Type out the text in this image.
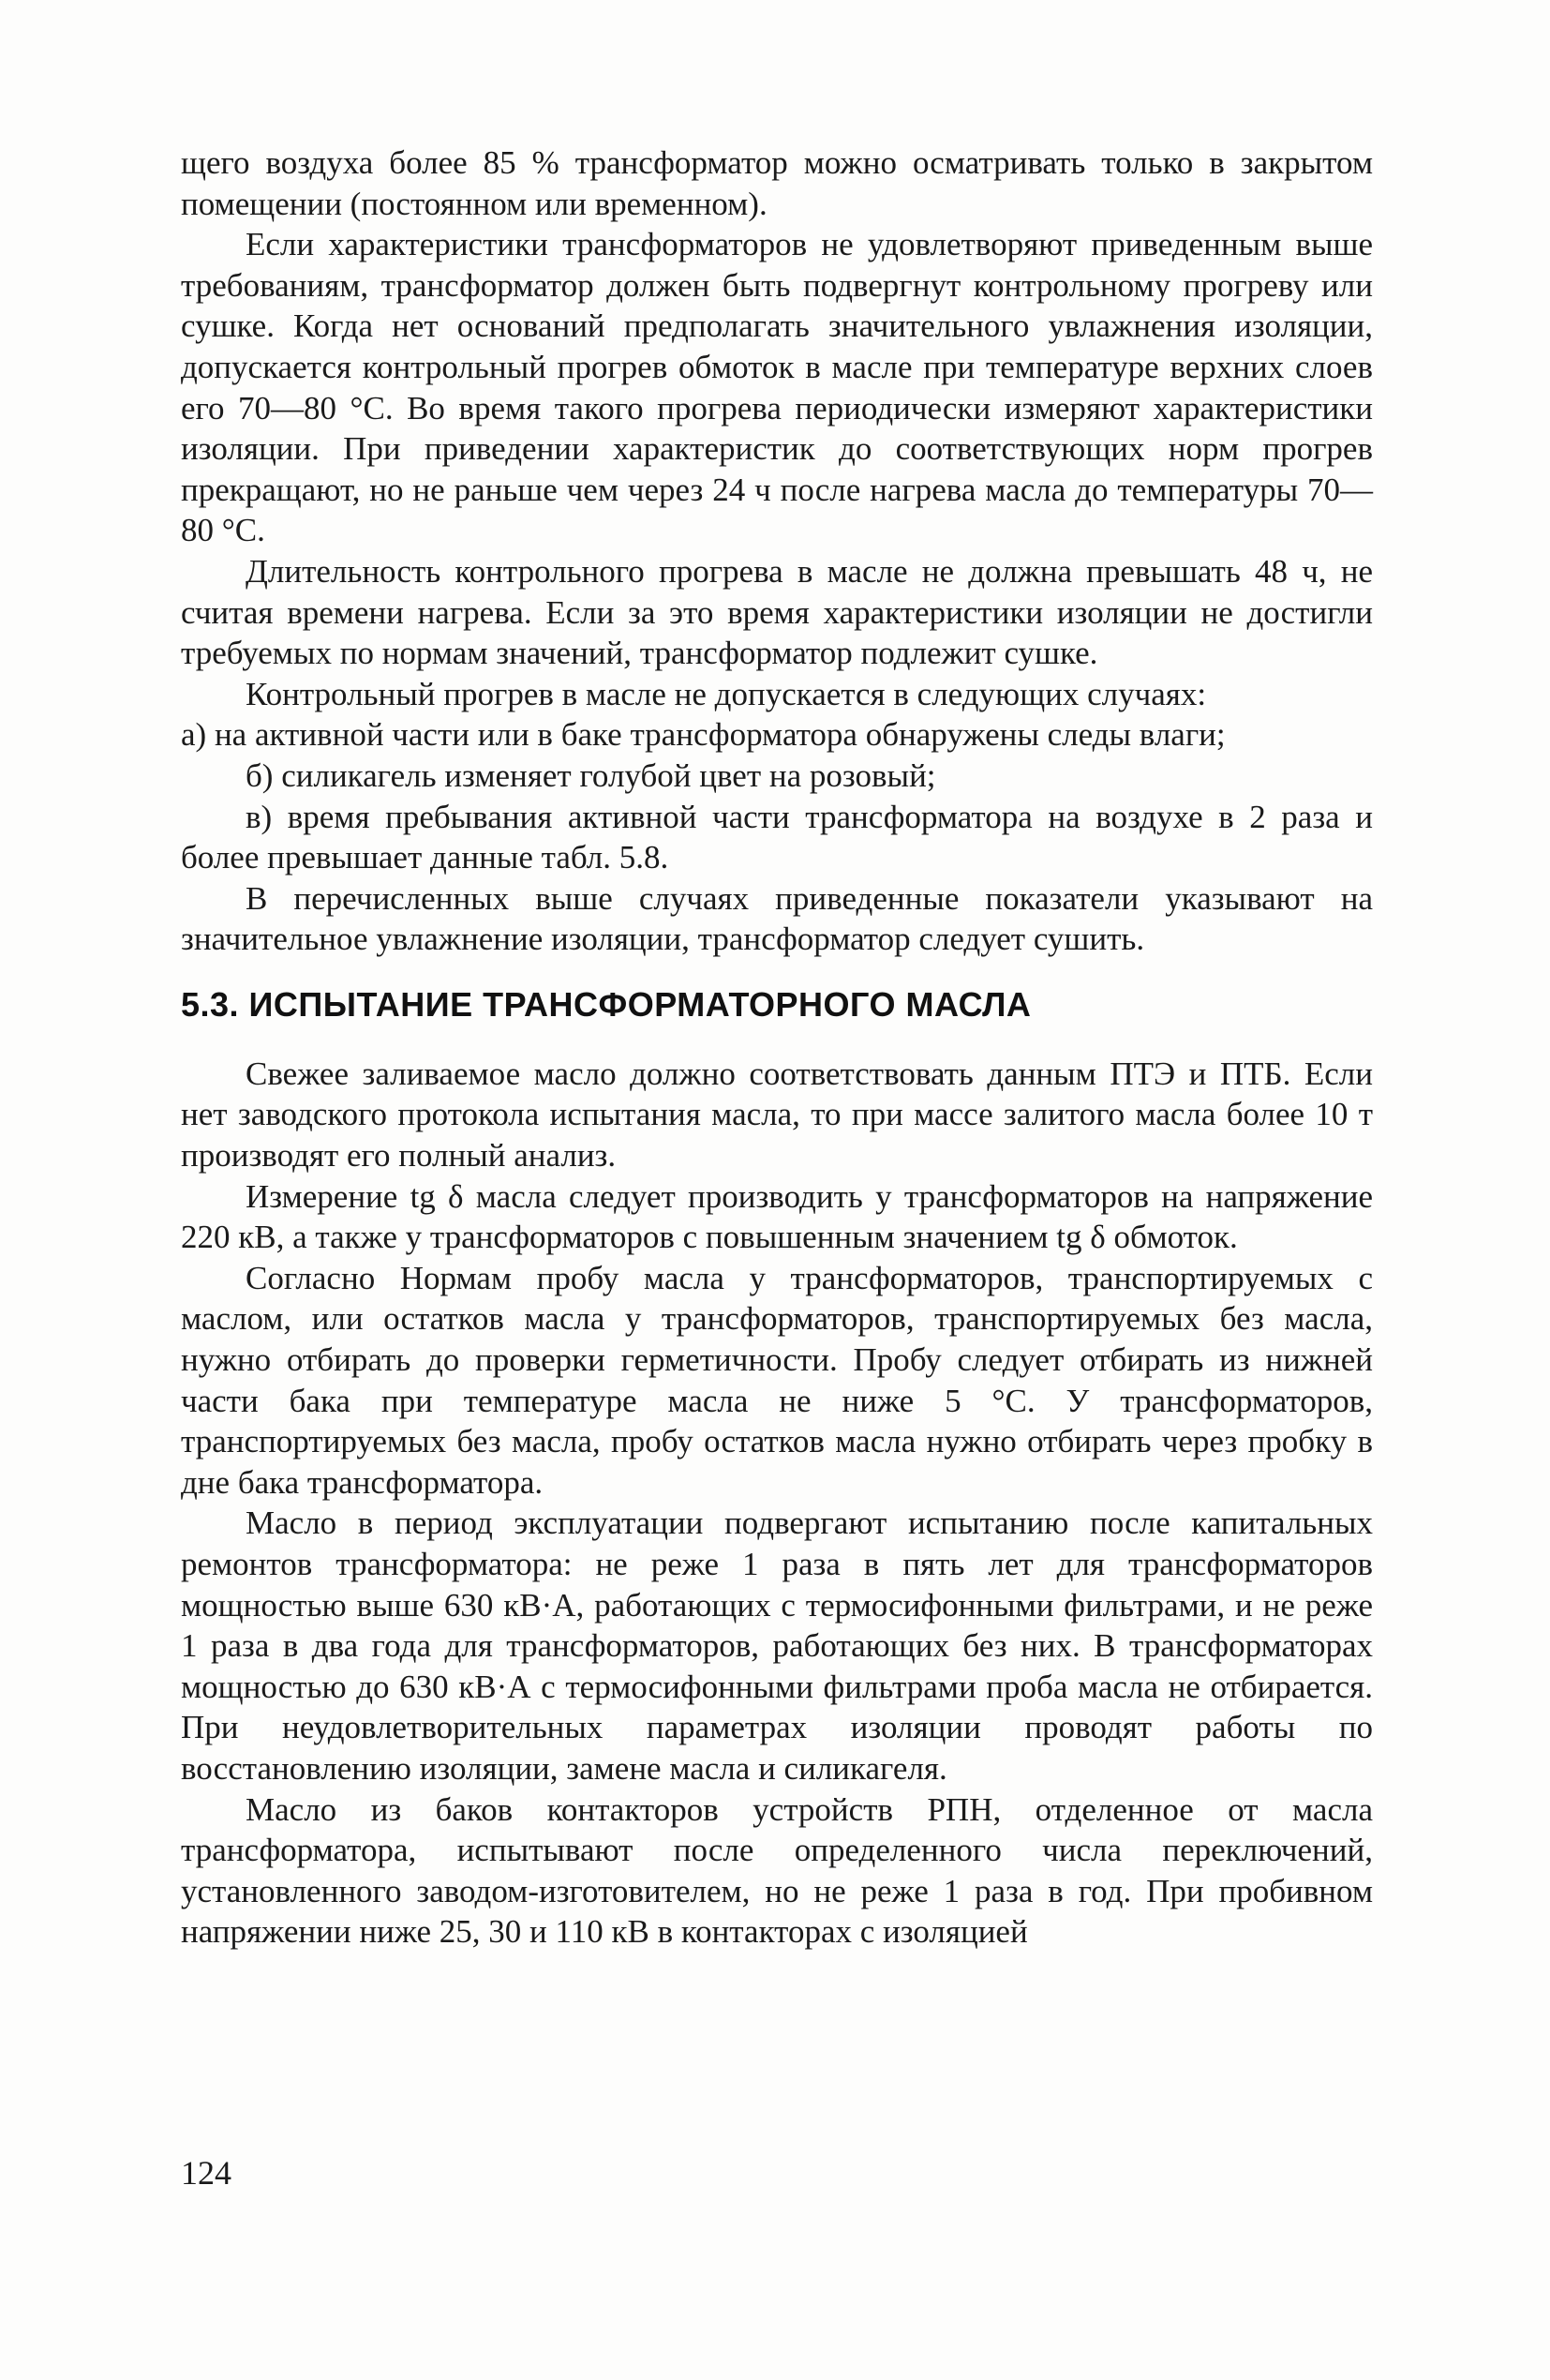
щего воздуха более 85 % трансформатор можно осматривать только в закрытом помещении (постоянном или временном).

Если характеристики трансформаторов не удовлетворяют приведенным выше требованиям, трансформатор должен быть подвергнут контрольному прогреву или сушке. Когда нет оснований предполагать значительного увлажнения изоляции, допускается контрольный прогрев обмоток в масле при температуре верхних слоев его 70—80 °С. Во время такого прогрева периодически измеряют характеристики изоляции. При приведении характеристик до соответствующих норм прогрев прекращают, но не раньше чем через 24 ч после нагрева масла до температуры 70—80 °С.

Длительность контрольного прогрева в масле не должна превышать 48 ч, не считая времени нагрева. Если за это время характеристики изоляции не достигли требуемых по нормам значений, трансформатор подлежит сушке.

Контрольный прогрев в масле не допускается в следующих случаях:

а) на активной части или в баке трансформатора обнаружены следы влаги;

б) силикагель изменяет голубой цвет на розовый;

в) время пребывания активной части трансформатора на воздухе в 2 раза и более превышает данные табл. 5.8.

В перечисленных выше случаях приведенные показатели указывают на значительное увлажнение изоляции, трансформатор следует сушить.

5.3. ИСПЫТАНИЕ ТРАНСФОРМАТОРНОГО МАСЛА

Свежее заливаемое масло должно соответствовать данным ПТЭ и ПТБ. Если нет заводского протокола испытания масла, то при массе залитого масла более 10 т производят его полный анализ.

Измерение tg δ масла следует производить у трансформаторов на напряжение 220 кВ, а также у трансформаторов с повышенным значением tg δ обмоток.

Согласно Нормам пробу масла у трансформаторов, транспортируемых с маслом, или остатков масла у трансформаторов, транспортируемых без масла, нужно отбирать до проверки герметичности. Пробу следует отбирать из нижней части бака при температуре масла не ниже 5 °С. У трансформаторов, транспортируемых без масла, пробу остатков масла нужно отбирать через пробку в дне бака трансформатора.

Масло в период эксплуатации подвергают испытанию после капитальных ремонтов трансформатора: не реже 1 раза в пять лет для трансформаторов мощностью выше 630 кВ·А, работающих с термосифонными фильтрами, и не реже 1 раза в два года для трансформаторов, работающих без них. В трансформаторах мощностью до 630 кВ·А с термосифонными фильтрами проба масла не отбирается. При неудовлетворительных параметрах изоляции проводят работы по восстановлению изоляции, замене масла и силикагеля.

Масло из баков контакторов устройств РПН, отделенное от масла трансформатора, испытывают после определенного числа переключений, установленного заводом-изготовителем, но не реже 1 раза в год. При пробивном напряжении ниже 25, 30 и 110 кВ в контакторах с изоляцией

124
